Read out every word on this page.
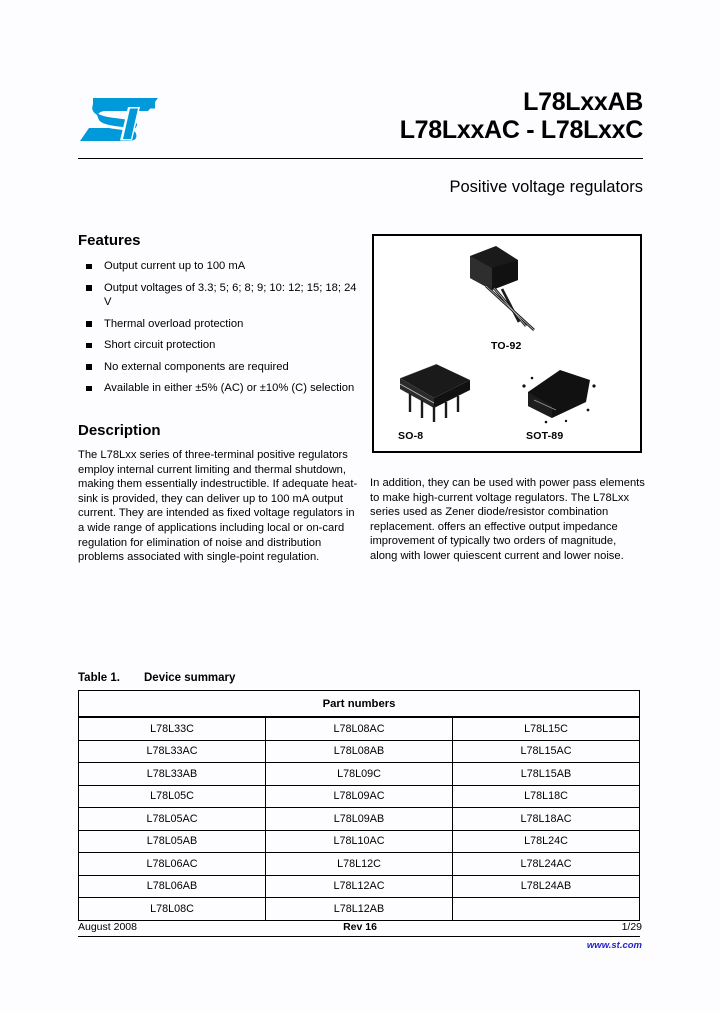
L78LxxAB
L78LxxAC - L78LxxC
Positive voltage regulators
Features
Output current up to 100 mA
Output voltages of 3.3; 5; 6; 8; 9; 10: 12; 15; 18; 24 V
Thermal overload protection
Short circuit protection
No external components are required
Available in either ±5% (AC) or ±10% (C) selection
TO-92
SO-8	SOT-89
Description
The L78Lxx series of three-terminal positive regulators employ internal current limiting and thermal shutdown, making them essentially indestructible. If adequate heat-sink is provided, they can deliver up to 100 mA output current. They are intended as fixed voltage regulators in a wide range of applications including local or on-card regulation for elimination of noise and distribution problems associated with single-point regulation.
In addition, they can be used with power pass elements to make high-current voltage regulators. The L78Lxx series used as Zener diode/resistor combination replacement. offers an effective output impedance improvement of typically two orders of magnitude, along with lower quiescent current and lower noise.
Table 1. Device summary
Part numbers		
L78L33C	L78L08AC	L78L15C
L78L33AC	L78L08AB	L78L15AC
L78L33AB	L78L09C	L78L15AB
L78L05C	L78L09AC	L78L18C
L78L05AC	L78L09AB	L78L18AC
L78L05AB	L78L10AC	L78L24C
L78L06AC	L78L12C	L78L24AC
L78L06AB	L78L12AC	L78L24AB
L78L08C	L78L12AB	
August 2008	Rev 16	1/29
www.st.com
